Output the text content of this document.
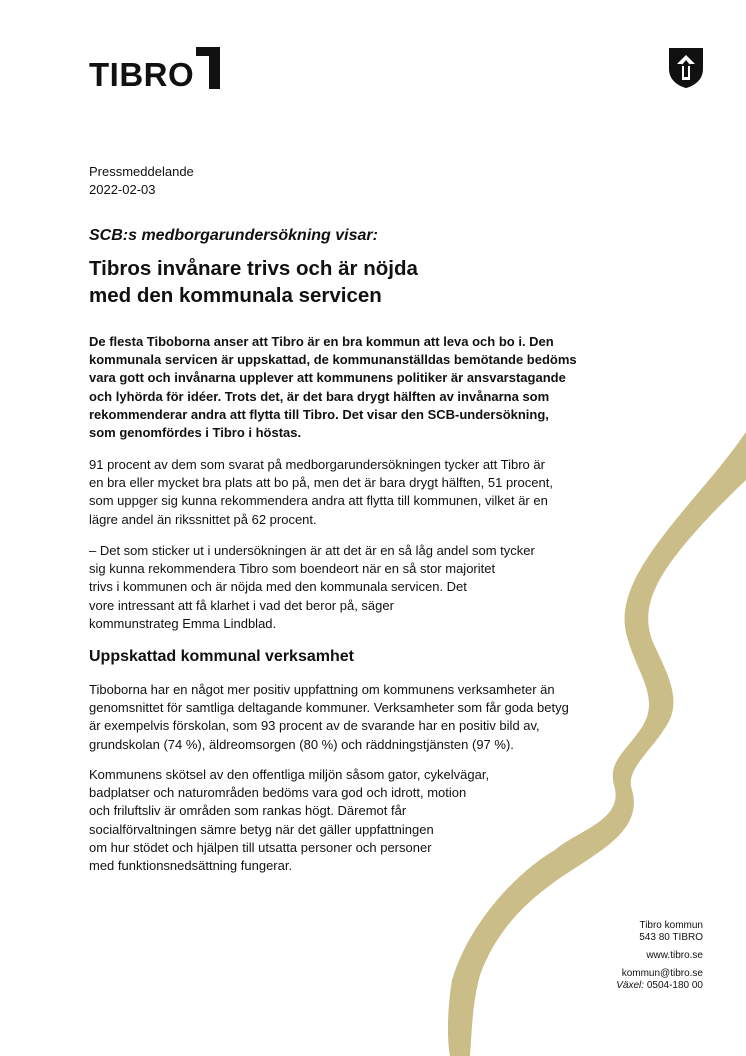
TIBRO
Pressmeddelande
2022-02-03
SCB:s medborgarundersökning visar:
Tibros invånare trivs och är nöjda
med den kommunala servicen

De flesta Tiboborna anser att Tibro är en bra kommun att leva och bo i. Den
kommunala servicen är uppskattad, de kommunanställdas bemötande bedöms
vara gott och invånarna upplever att kommunens politiker är ansvarstagande
och lyhörda för idéer. Trots det, är det bara drygt hälften av invånarna som
rekommenderar andra att flytta till Tibro. Det visar den SCB-undersökning,
som genomfördes i Tibro i höstas.

91 procent av dem som svarat på medborgarundersökningen tycker att Tibro är
en bra eller mycket bra plats att bo på, men det är bara drygt hälften, 51 procent,
som uppger sig kunna rekommendera andra att flytta till kommunen, vilket är en
lägre andel än rikssnittet på 62 procent.

– Det som sticker ut i undersökningen är att det är en så låg andel som tycker
sig kunna rekommendera Tibro som boendeort när en så stor majoritet
trivs i kommunen och är nöjda med den kommunala servicen. Det
vore intressant att få klarhet i vad det beror på, säger
kommunstrateg Emma Lindblad.

Uppskattad kommunal verksamhet

Tiboborna har en något mer positiv uppfattning om kommunens verksamheter än
genomsnittet för samtliga deltagande kommuner. Verksamheter som får goda betyg
är exempelvis förskolan, som 93 procent av de svarande har en positiv bild av,
grundskolan (74 %), äldreomsorgen (80 %) och räddningstjänsten (97 %).

Kommunens skötsel av den offentliga miljön såsom gator, cykelvägar,
badplatser och naturområden bedöms vara god och idrott, motion
och friluftsliv är områden som rankas högt. Däremot får
socialförvaltningen sämre betyg när det gäller uppfattningen
om hur stödet och hjälpen till utsatta personer och personer
med funktionsnedsättning fungerar.

Tibro kommun
543 80 TIBRO
www.tibro.se
kommun@tibro.se
Växel: 0504-180 00
